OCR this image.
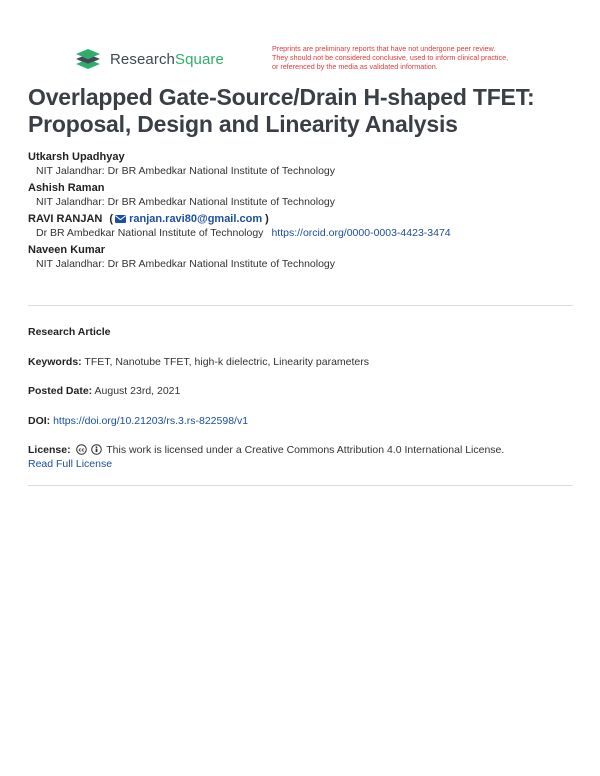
ResearchSquare
Preprints are preliminary reports that have not undergone peer review.
They should not be considered conclusive, used to inform clinical practice,
or referenced by the media as validated information.
Overlapped Gate-Source/Drain H-shaped TFET:
Proposal, Design and Linearity Analysis
Utkarsh Upadhyay
NIT Jalandhar: Dr BR Ambedkar National Institute of Technology
Ashish Raman
NIT Jalandhar: Dr BR Ambedkar National Institute of Technology
RAVI RANJAN ( ranjan.ravi80@gmail.com )
Dr BR Ambedkar National Institute of Technology https://orcid.org/0000-0003-4423-3474
Naveen Kumar
NIT Jalandhar: Dr BR Ambedkar National Institute of Technology
Research Article
Keywords: TFET, Nanotube TFET, high-k dielectric, Linearity parameters
Posted Date: August 23rd, 2021
DOI: https://doi.org/10.21203/rs.3.rs-822598/v1
License: cc This work is licensed under a Creative Commons Attribution 4.0 International License.
Read Full License
